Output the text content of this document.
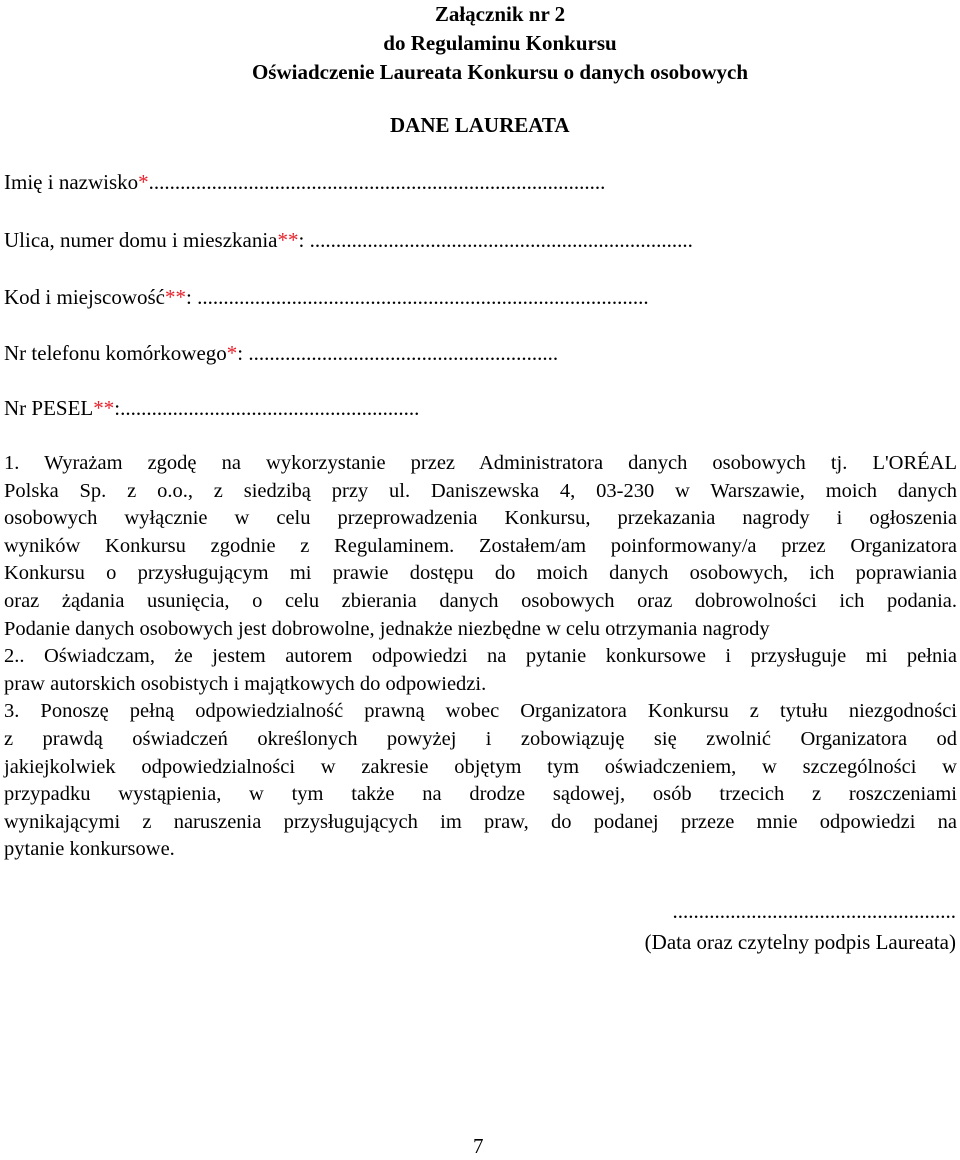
Załącznik nr 2
do Regulaminu Konkursu
Oświadczenie Laureata Konkursu o danych osobowych
DANE LAUREATA
Imię i nazwisko*.......................................................................................
Ulica, numer domu i mieszkania**: .........................................................................
Kod i miejscowość**: ......................................................................................
Nr telefonu komórkowego*: ...........................................................
Nr PESEL**:.........................................................
1. Wyrażam zgodę na wykorzystanie przez Administratora danych osobowych tj. L'ORÉAL
Polska Sp. z o.o., z siedzibą przy ul. Daniszewska 4, 03-230 w Warszawie, moich danych
osobowych wyłącznie w celu przeprowadzenia Konkursu, przekazania nagrody i ogłoszenia
wyników Konkursu zgodnie z Regulaminem. Zostałem/am poinformowany/a przez Organizatora
Konkursu o przysługującym mi prawie dostępu do moich danych osobowych, ich poprawiania
oraz żądania usunięcia, o celu zbierania danych osobowych oraz dobrowolności ich podania.
Podanie danych osobowych jest dobrowolne, jednakże niezbędne w celu otrzymania nagrody
2.. Oświadczam, że jestem autorem odpowiedzi na pytanie konkursowe i przysługuje mi pełnia
praw autorskich osobistych i majątkowych do odpowiedzi.
3. Ponoszę pełną odpowiedzialność prawną wobec Organizatora Konkursu z tytułu niezgodności
z prawdą oświadczeń określonych powyżej i zobowiązuję się zwolnić Organizatora od
jakiejkolwiek odpowiedzialności w zakresie objętym tym oświadczeniem, w szczególności w
przypadku wystąpienia, w tym także na drodze sądowej, osób trzecich z roszczeniami
wynikającymi z naruszenia przysługujących im praw, do podanej przeze mnie odpowiedzi na
pytanie konkursowe.
......................................................
(Data oraz czytelny podpis Laureata)
7
